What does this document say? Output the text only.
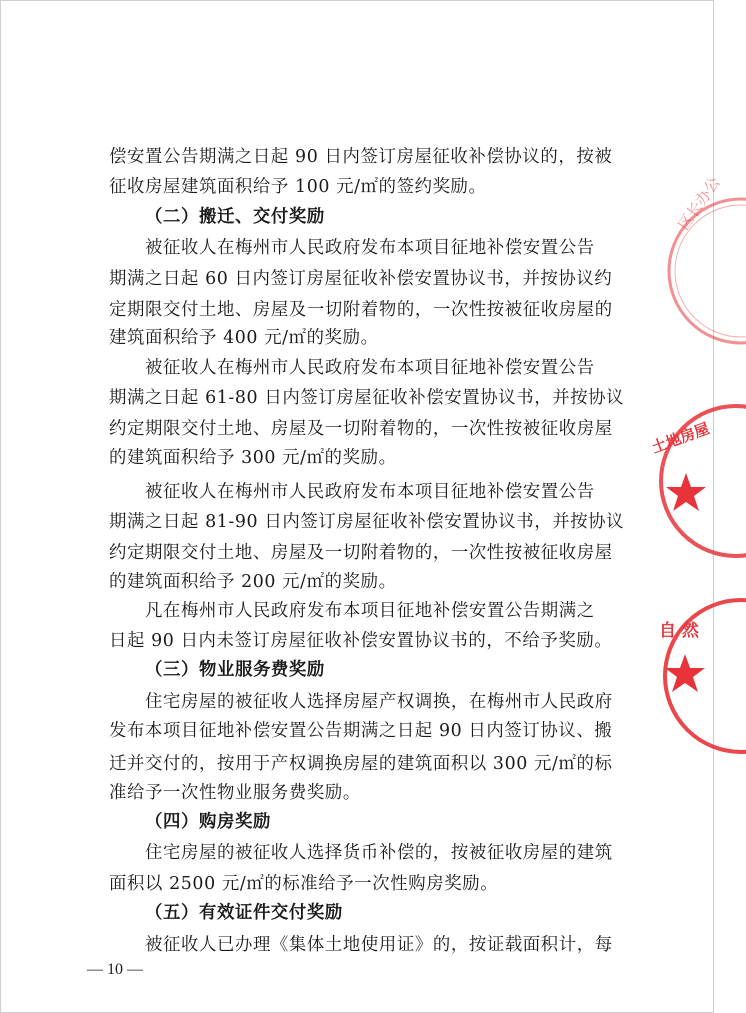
偿安置公告期满之日起 90 日内签订房屋征收补偿协议的，按被
征收房屋建筑面积给予 100 元/㎡的签约奖励。
（二）搬迁、交付奖励
被征收人在梅州市人民政府发布本项目征地补偿安置公告
期满之日起 60 日内签订房屋征收补偿安置协议书，并按协议约
定期限交付土地、房屋及一切附着物的，一次性按被征收房屋的
建筑面积给予 400 元/㎡的奖励。
被征收人在梅州市人民政府发布本项目征地补偿安置公告
期满之日起 61-80 日内签订房屋征收补偿安置协议书，并按协议
约定期限交付土地、房屋及一切附着物的，一次性按被征收房屋
的建筑面积给予 300 元/㎡的奖励。
被征收人在梅州市人民政府发布本项目征地补偿安置公告
期满之日起 81-90 日内签订房屋征收补偿安置协议书，并按协议
约定期限交付土地、房屋及一切附着物的，一次性按被征收房屋
的建筑面积给予 200 元/㎡的奖励。
凡在梅州市人民政府发布本项目征地补偿安置公告期满之
日起 90 日内未签订房屋征收补偿安置协议书的，不给予奖励。
（三）物业服务费奖励
住宅房屋的被征收人选择房屋产权调换，在梅州市人民政府
发布本项目征地补偿安置公告期满之日起 90 日内签订协议、搬
迁并交付的，按用于产权调换房屋的建筑面积以 300 元/㎡的标
准给予一次性物业服务费奖励。
（四）购房奖励
住宅房屋的被征收人选择货币补偿的，按被征收房屋的建筑
面积以 2500 元/㎡的标准给予一次性购房奖励。
（五）有效证件交付奖励
被征收人已办理《集体土地使用证》的，按证载面积计，每
— 10 —
区长办公
土地房屋
自 然
